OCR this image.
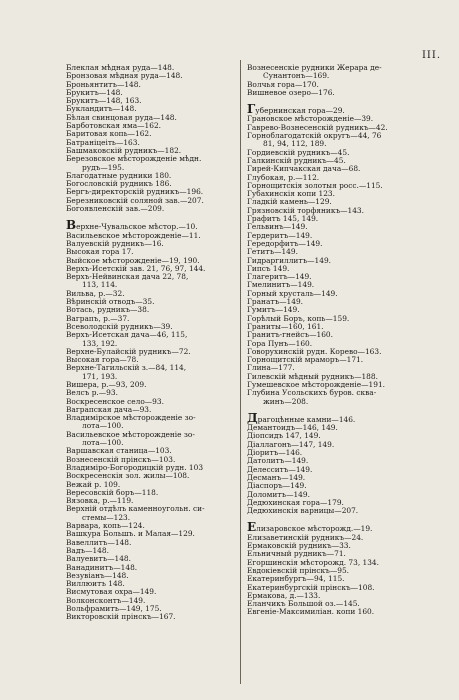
III.
Блеклая мѣдная руда—148.
Бронзовая мѣдная руда—148.
Броньянтитъ—148.
Брукитъ—148.
Брукитъ—148, 163.
Букландитъ—148.
Бѣлая свинцовая руда—148.
Барботовская яма—162.
Баритовая копь—162.
Батраніцеіть—163.
Башмаковскій рудникъ—182.
Березовское мѣсторожденіе мѣдн.
рудъ—195.
Благодатные рудники 180.
Богословскій рудникъ 186.
Бергъ-директорскій рудникъ—196.
Березниковскій соляной зав.—207.
Богоявленскій зав.—209.
Верхне-Чувальское мѣстор.—10.
Васильевское мѣсторожденіе—11.
Валуевскій рудникъ—16.
Высокая гора 17.
Выйское мѣсторожденіе—19, 190.
Верхъ-Исетскій зав. 21, 76, 97, 144.
Верхъ-Нейвинская дача 22, 78,
113, 114.
Вильва, р.—32.
Вѣринскій отводъ—35.
Вотась, рудникъ—38.
Ваграпъ, р.—37.
Всеволодскій рудникъ—39.
Верхъ-Исетская дача—46, 115,
133, 192.
Верхне-Булайскій рудникъ—72.
Высокая гора—78.
Верхне-Тагильскій з.—84, 114,
171, 193.
Вишера, р.—93, 209.
Велсъ р.—93.
Воскресенское село—93.
Ваграпская дача—93.
Владимірское мѣсторожденіе зо-
лота—100.
Васильевское мѣсторожденіе зо-
лота—100.
Варшавская станица—103.
Вознесенскій прінскъ—103.
Владиміро-Богородицкій рудн. 103
Воскресенскія зол. жилы—108.
Вежай р. 109.
Вересовскій боръ—118.
Вязовка, р.—119.
Верхній отдѣлъ каменноугольн. си-
стемы—123.
Варвара, копь—124.
Вашкура Большъ. и Малая—129.
Вавеллитъ—148.
Вадъ—148.
Валуевитъ—148.
Ванадинитъ—148.
Везувіанъ—148.
Виллюитъ 148.
Висмутовая охра—149.
Волконсконтъ—149.
Вольфрамитъ—149, 175.
Викторовскій прінскъ—167.
Вознесенскіе рудники Жерара де-
Сунантонъ—169.
Волчья гора—170.
Вишневое озеро—176.
Губернинская гора—29.
Грановское мѣсторожденіе—39.
Гаврево-Вознесенскій рудникъ—42.
Горноблагодатскій округъ—44, 76
81, 94, 112, 189.
Гордиевскій рудникъ—45.
Галкинскій рудникъ—45.
Гирей-Кипчакская дача—68.
Глубокая, р.—112.
Горнощитскія золотыя росс.—115.
Губахинскія копи 123.
Гладкій камень—129.
Грязновскій торфяникъ—143.
Графитъ 145, 149.
Гельвинъ—149.
Гердеритъ—149.
Гередорфитъ—149.
Гетитъ—149.
Гидраргиллитъ—149.
Гипсъ 149.
Глагеритъ—149.
Гмелинитъ—149.
Горный хрусталь—149.
Гранатъ—149.
Гумитъ—149.
Горѣлый Боръ, копь—159.
Граниты—160, 161.
Гранитъ-гнейсъ—160.
Гора Пунъ—160.
Говорухинскій рудн. Корево—163.
Горнощитскій мраморъ—171.
Глина—177.
Гилевскій мѣдный рудникъ—188.
Гумешевское мѣсторожденіе—191.
Глубина Усольскихъ буров. сква-
жинъ—208.
Драгоцѣнные камни—146.
Демантоидъ—146, 149.
Діопсидъ 147, 149.
Діаллагонъ—147, 149.
Діоритъ—146.
Датолитъ—149.
Делесситъ—149.
Десманъ—149.
Діаспоръ—149.
Доломитъ—149.
Дедюхинская гора—179.
Дедюхинскія варницы—207.
Елизаровское мѣсторожд.—19.
Елизаветинскій рудникъ—24.
Ермаковскій рудникъ—33.
Ельничный рудникъ—71.
Егоршинскія мѣсторожд. 73, 134.
Евдокіевскій прінскъ—95.
Екатеринбургъ—94, 115.
Екатеринбургскій прінскъ—108.
Ермакова, д.—133.
Еланчикъ Большой оз.—145.
Евгеніе-Максимиліан. копи 160.
